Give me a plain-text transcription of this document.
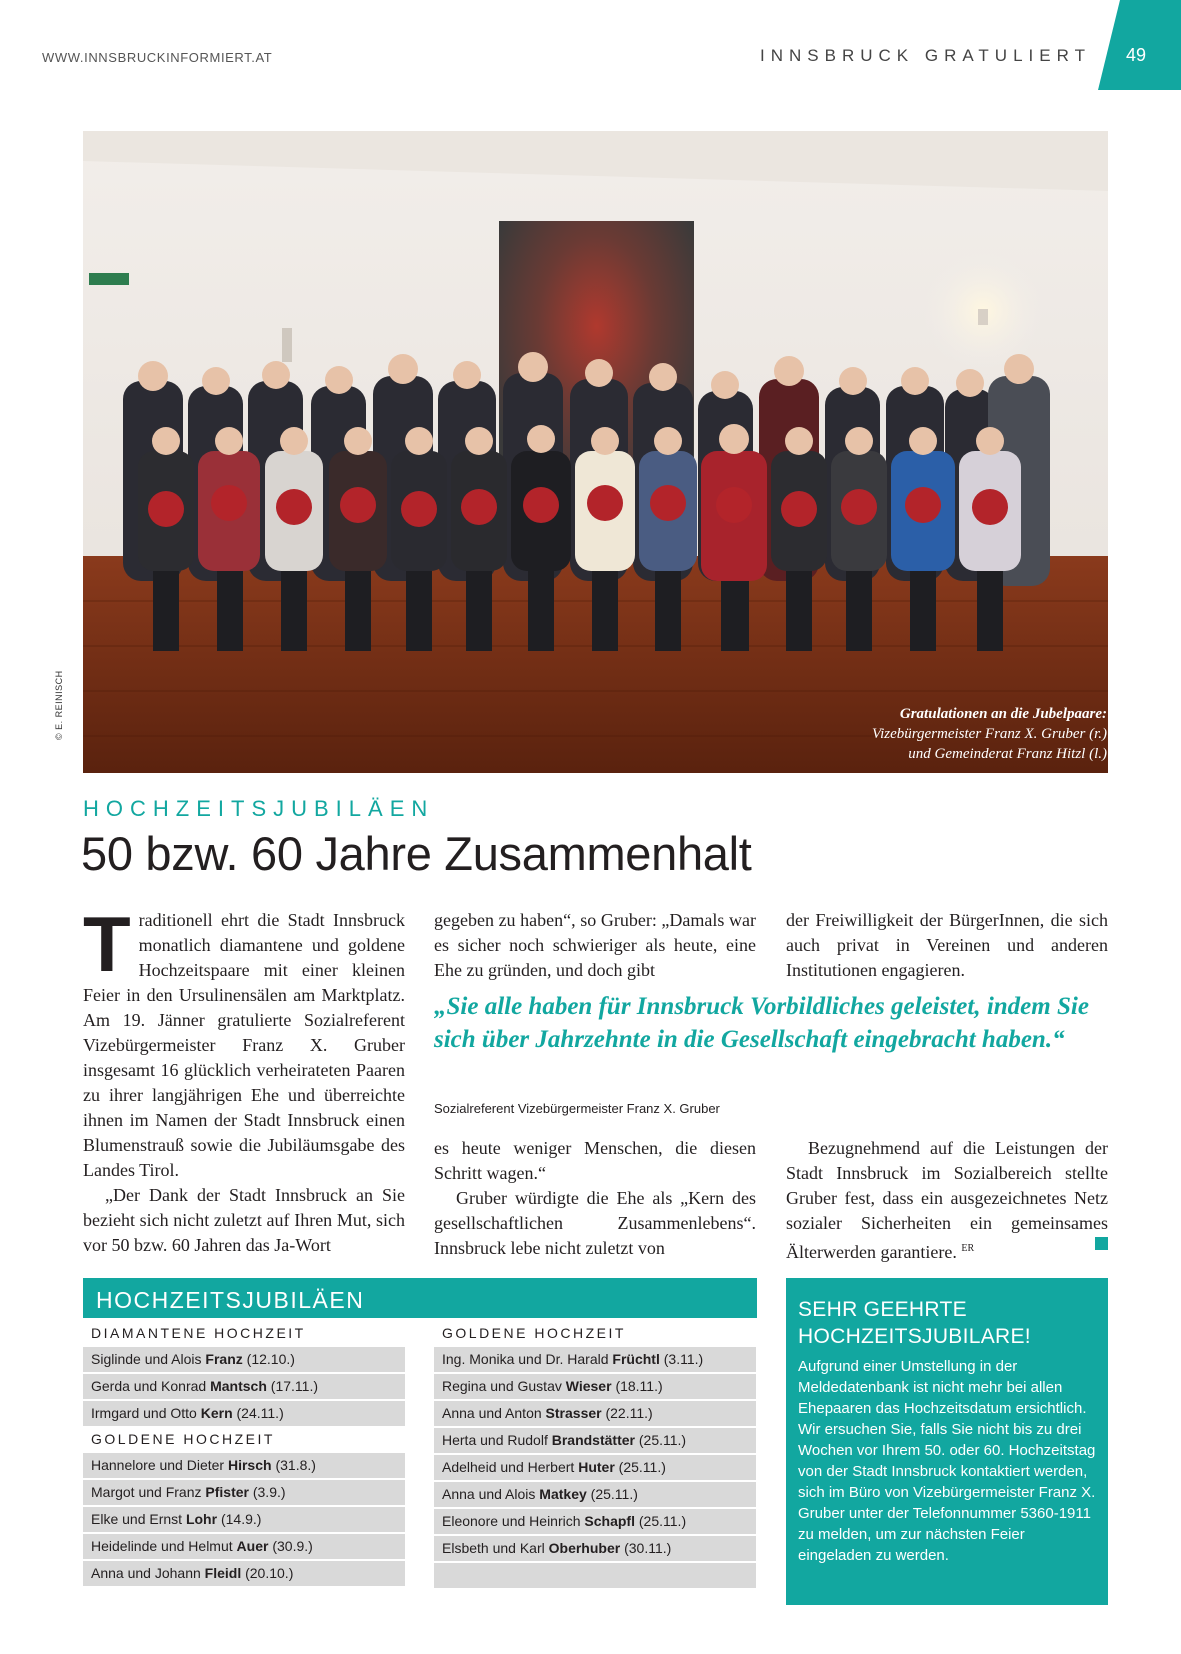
WWW.INNSBRUCKINFORMIERT.AT	INNSBRUCK GRATULIERT	49
© E. REINISCH	Gratulationen an die Jubelpaare:
Vizebürgermeister Franz X. Gruber (r.)
und Gemeinderat Franz Hitzl (l.)
HOCHZEITSJUBILÄEN
50 bzw. 60 Jahre Zusammenhalt
T raditionell ehrt die Stadt Innsbruck monatlich diamantene und goldene Hochzeitspaare mit einer kleinen Feier in den Ursulinensälen am Marktplatz. Am 19. Jänner gratulierte Sozialreferent Vizebürgermeister Franz X. Gruber insgesamt 16 glücklich verheirateten Paaren zu ihrer langjährigen Ehe und überreichte ihnen im Namen der Stadt Innsbruck einen Blumenstrauß sowie die Jubiläumsgabe des Landes Tirol.

„Der Dank der Stadt Innsbruck an Sie bezieht sich nicht zuletzt auf Ihren Mut, sich vor 50 bzw. 60 Jahren das Ja-Wort

gegeben zu haben“, so Gruber: „Damals war es sicher noch schwieriger als heute, eine Ehe zu gründen, und doch gibt

der Freiwilligkeit der BürgerInnen, die sich auch privat in Vereinen und anderen Institutionen engagieren.

„Sie alle haben für Innsbruck Vorbildliches geleistet, indem Sie sich über Jahrzehnte in die Gesellschaft eingebracht haben.“
Sozialreferent Vizebürgermeister Franz X. Gruber

es heute weniger Menschen, die diesen Schritt wagen.“

Gruber würdigte die Ehe als „Kern des gesellschaftlichen Zusammenlebens“. Innsbruck lebe nicht zuletzt von

Bezugnehmend auf die Leistungen der Stadt Innsbruck im Sozialbereich stellte Gruber fest, dass ein ausgezeichnetes Netz sozialer Sicherheiten ein gemeinsames Älterwerden garantiere. $^{ER}$

HOCHZEITSJUBILÄEN
DIAMANTENE HOCHZEIT
Siglinde und Alois Franz (12.10.)
Gerda und Konrad Mantsch (17.11.)
Irmgard und Otto Kern (24.11.)
GOLDENE HOCHZEIT
Hannelore und Dieter Hirsch (31.8.)
Margot und Franz Pfister (3.9.)
Elke und Ernst Lohr (14.9.)
Heidelinde und Helmut Auer (30.9.)
Anna und Johann Fleidl (20.10.)
GOLDENE HOCHZEIT
Ing. Monika und Dr. Harald Früchtl (3.11.)
Regina und Gustav Wieser (18.11.)
Anna und Anton Strasser (22.11.)
Herta und Rudolf Brandstätter (25.11.)
Adelheid und Herbert Huter (25.11.)
Anna und Alois Matkey (25.11.)
Eleonore und Heinrich Schapfl (25.11.)
Elsbeth und Karl Oberhuber (30.11.)
SEHR GEEHRTE
HOCHZEITSJUBILARE!
Aufgrund einer Umstellung in der Meldedatenbank ist nicht mehr bei allen Ehepaaren das Hochzeitsdatum ersichtlich. Wir ersuchen Sie, falls Sie nicht bis zu drei Wochen vor Ihrem 50. oder 60. Hochzeitstag von der Stadt Innsbruck kontaktiert werden, sich im Büro von Vizebürgermeister Franz X. Gruber unter der Telefonnummer 5360-1911 zu melden, um zur nächsten Feier eingeladen zu werden.
